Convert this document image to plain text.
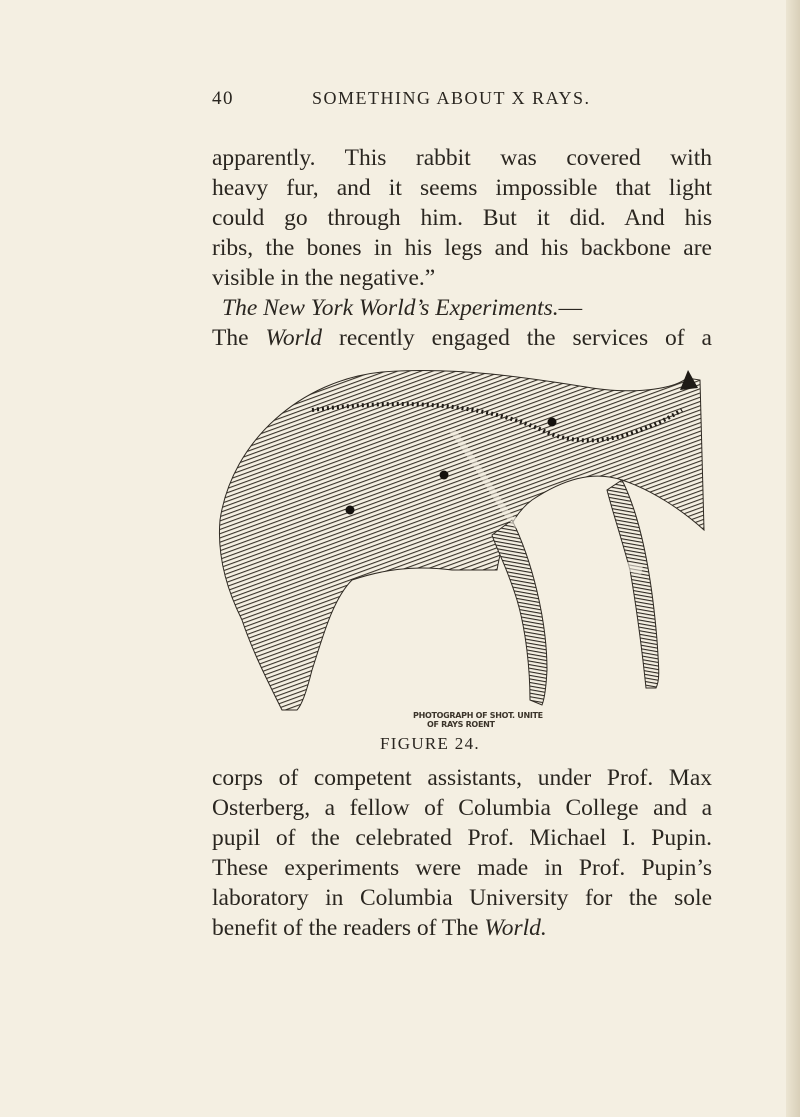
40	SOMETHING ABOUT X RAYS.
apparently. This rabbit was covered with
heavy fur, and it seems impossible that light
could go through him. But it did. And his
ribs, the bones in his legs and his backbone are
visible in the negative.”
The New York World’s Experiments.—
The World recently engaged the services of a
PHOTOGRAPH OF SHOT. UNITE
OF RAYS ROENT
FIGURE 24.
corps of competent assistants, under Prof. Max
Osterberg, a fellow of Columbia College and a
pupil of the celebrated Prof. Michael I. Pupin.
These experiments were made in Prof. Pupin’s
laboratory in Columbia University for the sole
benefit of the readers of The World.
